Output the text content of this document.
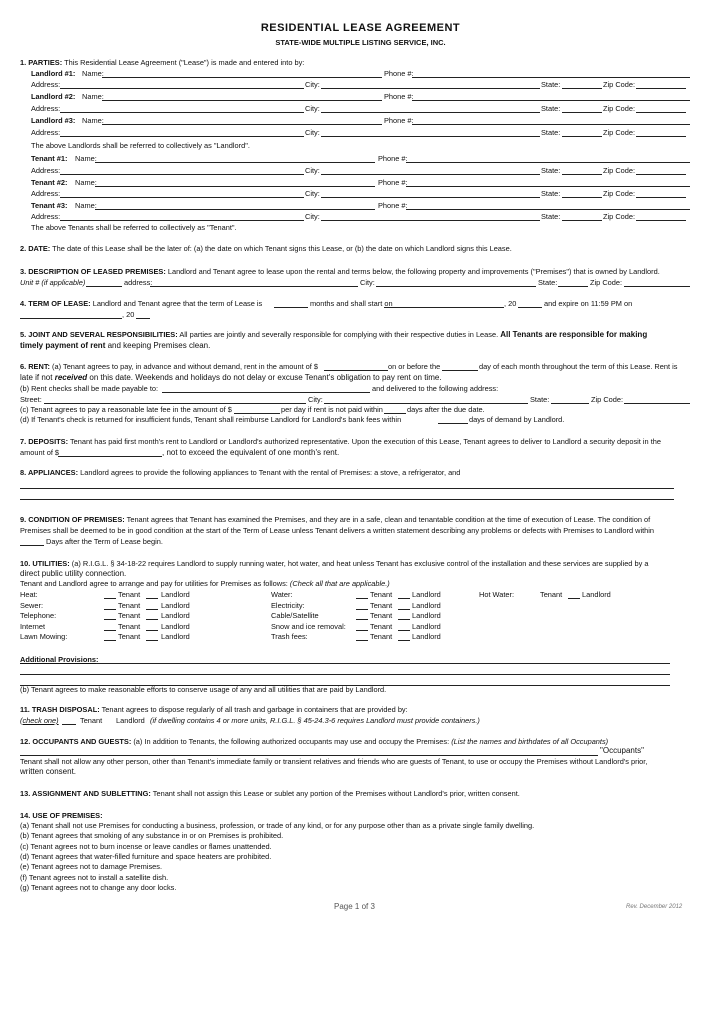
RESIDENTIAL LEASE AGREEMENT
STATE-WIDE MULTIPLE LISTING SERVICE, INC.
1. PARTIES: This Residential Lease Agreement ("Lease") is made and entered into by:
Landlord #1: Name:	Phone #:
Address:	City:	State:	Zip Code:
Landlord #2: Name:	Phone #:
Address:	City:	State:	Zip Code:
Landlord #3: Name:	Phone #:
Address:	City:	State:	Zip Code:
The above Landlords shall be referred to collectively as "Landlord".
Tenant #1: Name:	Phone #:
Address:	City:	State:	Zip Code:
Tenant #2: Name:	Phone #:
Address:	City:	State:	Zip Code:
Tenant #3: Name:	Phone #:
Address:	City:	State:	Zip Code:
The above Tenants shall be referred to collectively as "Tenant".
2. DATE: The date of this Lease shall be the later of: (a) the date on which Tenant signs this Lease, or (b) the date on which Landlord signs this Lease.
3. DESCRIPTION OF LEASED PREMISES: Landlord and Tenant agree to lease upon the rental and terms below, the following property and improvements ("Premises") that is owned by Landlord.
Unit # (if applicable)	address:	City:	State:	Zip Code:
4. TERM OF LEASE: Landlord and Tenant agree that the term of Lease is	months and shall start on	, 20	and expire on 11:59 PM on
, 20
5. JOINT AND SEVERAL RESPONSIBILITIES: All parties are jointly and severally responsible for complying with their respective duties in Lease. All Tenants are responsible for making
timely payment of rent and keeping Premises clean.
6. RENT: (a) Tenant agrees to pay, in advance and without demand, rent in the amount of $	on or before the	day of each month throughout the term of this Lease. Rent is
late if not received on this date. Weekends and holidays do not delay or excuse Tenant's obligation to pay rent on time.
(b) Rent checks shall be made payable to:	and delivered to the following address:
Street:	City:	State:	Zip Code:
(c) Tenant agrees to pay a reasonable late fee in the amount of $	per day if rent is not paid within	days after the due date.
(d) If Tenant's check is returned for insufficient funds, Tenant shall reimburse Landlord for Landlord's bank fees within	days of demand by Landlord.
7. DEPOSITS: Tenant has paid first month's rent to Landlord or Landlord's authorized representative. Upon the execution of this Lease, Tenant agrees to deliver to Landlord a security deposit in the
amount of $	, not to exceed the equivalent of one month's rent.
8. APPLIANCES: Landlord agrees to provide the following appliances to Tenant with the rental of Premises: a stove, a refrigerator, and
9. CONDITION OF PREMISES: Tenant agrees that Tenant has examined the Premises, and they are in a safe, clean and tenantable condition at the time of execution of Lease. The condition of
Premises shall be deemed to be in good condition at the start of the Term of Lease unless Tenant delivers a written statement describing any problems or defects with Premises to Landlord within
Days after the Term of Lease begin.
10. UTILITIES: (a) R.I.G.L. § 34-18-22 requires Landlord to supply running water, hot water, and heat unless Tenant has exclusive control of the installation and these services are supplied by a
direct public utility connection.
Tenant and Landlord agree to arrange and pay for utilities for Premises as follows: (Check all that are applicable.)
Heat:	Tenant	Landlord
Sewer:	Tenant	Landlord
Telephone:	Tenant	Landlord
Internet	Tenant	Landlord
Lawn Mowing:	Tenant	Landlord
Water:	Tenant	Landlord
Electricity:	Tenant	Landlord
Cable/Satellite	Tenant	Landlord
Snow and ice removal:	Tenant	Landlord
Trash fees:	Tenant	Landlord
Hot Water:	Tenant	Landlord
Additional Provisions:
(b) Tenant agrees to make reasonable efforts to conserve usage of any and all utilities that are paid by Landlord.
11. TRASH DISPOSAL: Tenant agrees to dispose regularly of all trash and garbage in containers that are provided by:
(check one)	Tenant Landlord (if dwelling contains 4 or more units, R.I.G.L. § 45-24.3-6 requires Landlord must provide containers.)
12. OCCUPANTS AND GUESTS: (a) In addition to Tenants, the following authorized occupants may use and occupy the Premises: (List the names and birthdates of all Occupants)
"Occupants"
Tenant shall not allow any other person, other than Tenant's immediate family or transient relatives and friends who are guests of Tenant, to use or occupy the Premises without Landlord's prior,
written consent.
13. ASSIGNMENT AND SUBLETTING: Tenant shall not assign this Lease or sublet any portion of the Premises without Landlord's prior, written consent.
14. USE OF PREMISES:
(a) Tenant shall not use Premises for conducting a business, profession, or trade of any kind, or for any purpose other than as a private single family dwelling.
(b) Tenant agrees that smoking of any substance in or on Premises is prohibited.
(c) Tenant agrees not to burn incense or leave candles or flames unattended.
(d) Tenant agrees that water-filled furniture and space heaters are prohibited.
(e) Tenant agrees not to damage Premises.
(f) Tenant agrees not to install a satellite dish.
(g) Tenant agrees not to change any door locks.
Page 1 of 3	Rev. December 2012
